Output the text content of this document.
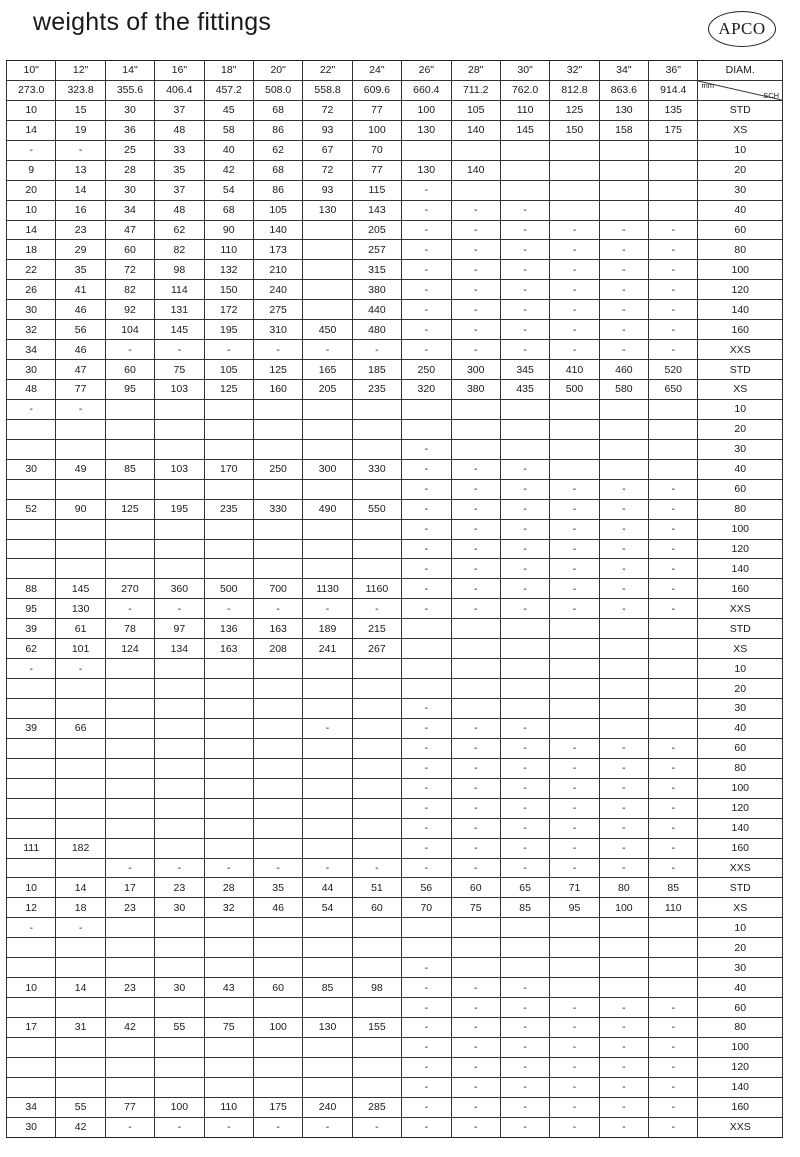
weights of the fittings	APCO
10"	12"	14"	16"	18"	20"	22"	24"	26"	28"	30"	32"	34"	36"	DIAM.
273.0	323.8	355.6	406.4	457.2	508.0	558.8	609.6	660.4	711.2	762.0	812.8	863.6	914.4	mm
SCH

10	15	30	37	45	68	72	77	100	105	110	125	130	135	STD
14	19	36	48	58	86	93	100	130	140	145	150	158	175	XS
-	-	25	33	40	62	67	70							10
9	13	28	35	42	68	72	77	130	140					20
20	14	30	37	54	86	93	115	-						30
10	16	34	48	68	105	130	143	-	-	-				40
14	23	47	62	90	140		205	-	-	-	-	-	-	60
18	29	60	82	110	173		257	-	-	-	-	-	-	80
22	35	72	98	132	210		315	-	-	-	-	-	-	100
26	41	82	114	150	240		380	-	-	-	-	-	-	120
30	46	92	131	172	275		440	-	-	-	-	-	-	140
32	56	104	145	195	310	450	480	-	-	-	-	-	-	160
34	46	-	-	-	-	-	-	-	-	-	-	-	-	XXS
30	47	60	75	105	125	165	185	250	300	345	410	460	520	STD
48	77	95	103	125	160	205	235	320	380	435	500	580	650	XS
-	-													10
														20
								-						30
30	49	85	103	170	250	300	330	-	-	-				40
								-	-	-	-	-	-	60
52	90	125	195	235	330	490	550	-	-	-	-	-	-	80
								-	-	-	-	-	-	100
								-	-	-	-	-	-	120
								-	-	-	-	-	-	140
88	145	270	360	500	700	1130	1160	-	-	-	-	-	-	160
95	130	-	-	-	-	-	-	-	-	-	-	-	-	XXS
39	61	78	97	136	163	189	215							STD
62	101	124	134	163	208	241	267							XS
-	-													10
														20
								-						30
39	66					-		-	-	-				40
								-	-	-	-	-	-	60
								-	-	-	-	-	-	80
								-	-	-	-	-	-	100
								-	-	-	-	-	-	120
								-	-	-	-	-	-	140
111	182							-	-	-	-	-	-	160
		-	-	-	-	-	-	-	-	-	-	-	-	XXS
10	14	17	23	28	35	44	51	56	60	65	71	80	85	STD
12	18	23	30	32	46	54	60	70	75	85	95	100	110	XS
-	-													10
														20
								-						30
10	14	23	30	43	60	85	98	-	-	-				40
								-	-	-	-	-	-	60
17	31	42	55	75	100	130	155	-	-	-	-	-	-	80
								-	-	-	-	-	-	100
								-	-	-	-	-	-	120
								-	-	-	-	-	-	140
34	55	77	100	110	175	240	285	-	-	-	-	-	-	160
30	42	-	-	-	-	-	-	-	-	-	-	-	-	XXS
